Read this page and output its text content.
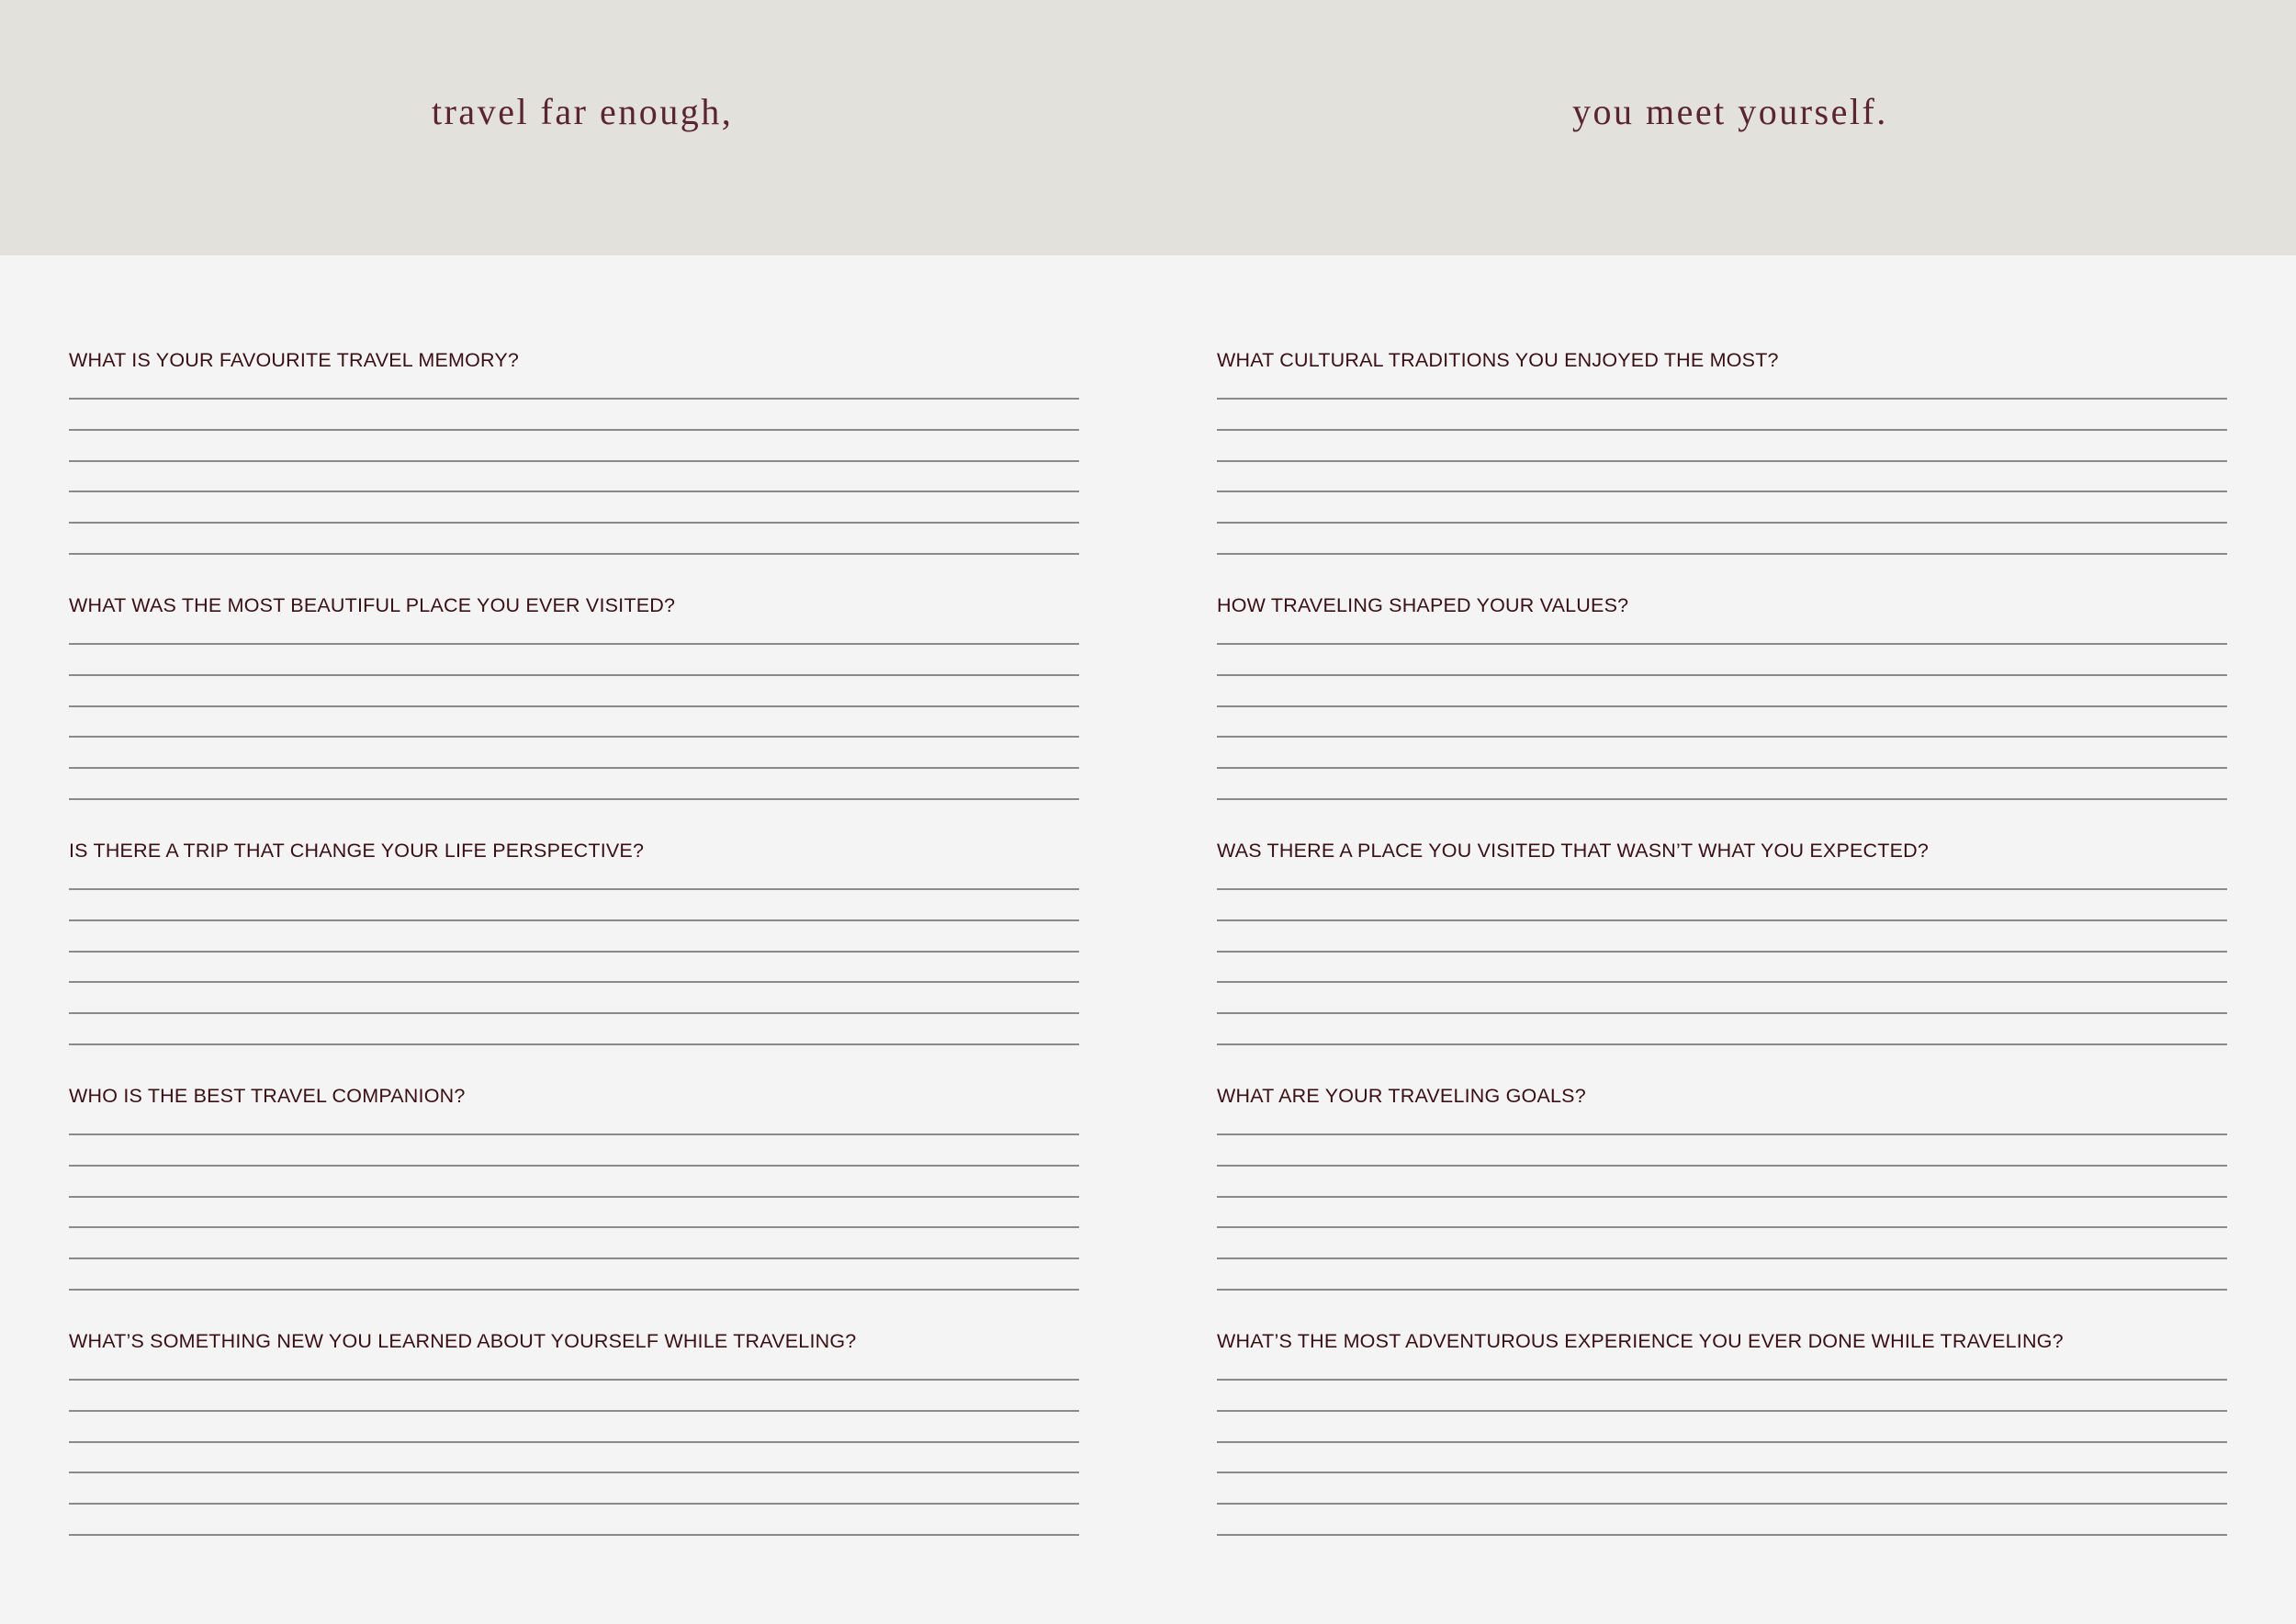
travel far enough,	you meet yourself.
WHAT IS YOUR FAVOURITE TRAVEL MEMORY?
WHAT WAS THE MOST BEAUTIFUL PLACE YOU EVER VISITED?
IS THERE A TRIP THAT CHANGE YOUR LIFE PERSPECTIVE?
WHO IS THE BEST TRAVEL COMPANION?
WHAT’S SOMETHING NEW YOU LEARNED ABOUT YOURSELF WHILE TRAVELING?
WHAT CULTURAL TRADITIONS YOU ENJOYED THE MOST?
HOW TRAVELING SHAPED YOUR VALUES?
WAS THERE A PLACE YOU VISITED THAT WASN’T WHAT YOU EXPECTED?
WHAT ARE YOUR TRAVELING GOALS?
WHAT’S THE MOST ADVENTUROUS EXPERIENCE YOU EVER DONE WHILE TRAVELING?
